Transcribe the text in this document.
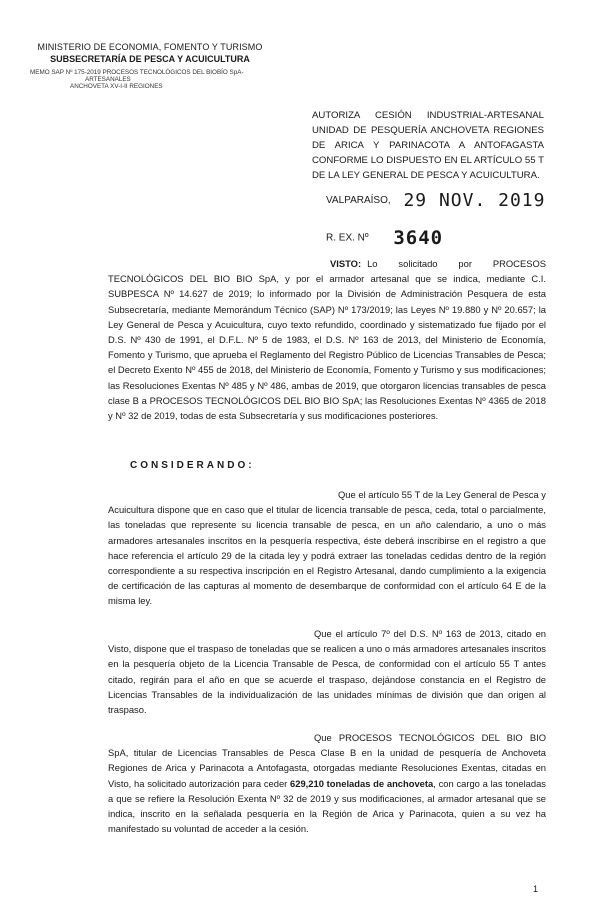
MINISTERIO DE ECONOMIA, FOMENTO Y TURISMO
SUBSECRETARÍA DE PESCA Y ACUICULTURA
MEMO SAP Nº 175-2019 PROCESOS TECNOLÓGICOS DEL BIOBÍO SpA-
ARTESANALES
ANCHOVETA XV-I-II REGIONES
AUTORIZA CESIÓN INDUSTRIAL-ARTESANAL UNIDAD DE PESQUERÍA ANCHOVETA REGIONES DE ARICA Y PARINACOTA A ANTOFAGASTA CONFORME LO DISPUESTO EN EL ARTÍCULO 55 T DE LA LEY GENERAL DE PESCA Y ACUICULTURA.
VALPARAÍSO, 29 NOV. 2019
R. EX. Nº 3640
VISTO: Lo solicitado por PROCESOS TECNOLÓGICOS DEL BIO BIO SpA, y por el armador artesanal que se indica, mediante C.I. SUBPESCA Nº 14.627 de 2019; lo informado por la División de Administración Pesquera de esta Subsecretaría, mediante Memorándum Técnico (SAP) Nº 173/2019; las Leyes Nº 19.880 y Nº 20.657; la Ley General de Pesca y Acuicultura, cuyo texto refundido, coordinado y sistematizado fue fijado por el D.S. Nº 430 de 1991, el D.F.L. Nº 5 de 1983, el D.S. Nº 163 de 2013, del Ministerio de Economía, Fomento y Turismo, que aprueba el Reglamento del Registro Público de Licencias Transables de Pesca; el Decreto Exento Nº 455 de 2018, del Ministerio de Economía, Fomento y Turismo y sus modificaciones; las Resoluciones Exentas Nº 485 y Nº 486, ambas de 2019, que otorgaron licencias transables de pesca clase B a PROCESOS TECNOLÓGICOS DEL BIO BIO SpA; las Resoluciones Exentas Nº 4365 de 2018 y Nº 32 de 2019, todas de esta Subsecretaría y sus modificaciones posteriores.
CONSIDERANDO:
Que el artículo 55 T de la Ley General de Pesca y Acuicultura dispone que en caso que el titular de licencia transable de pesca, ceda, total o parcialmente, las toneladas que represente su licencia transable de pesca, en un año calendario, a uno o más armadores artesanales inscritos en la pesquería respectiva, éste deberá inscribirse en el registro a que hace referencia el artículo 29 de la citada ley y podrá extraer las toneladas cedidas dentro de la región correspondiente a su respectiva inscripción en el Registro Artesanal, dando cumplimiento a la exigencia de certificación de las capturas al momento de desembarque de conformidad con el artículo 64 E de la misma ley.
Que el artículo 7º del D.S. Nº 163 de 2013, citado en Visto, dispone que el traspaso de toneladas que se realicen a uno o más armadores artesanales inscritos en la pesquería objeto de la Licencia Transable de Pesca, de conformidad con el artículo 55 T antes citado, regirán para el año en que se acuerde el traspaso, dejándose constancia en el Registro de Licencias Transables de la individualización de las unidades mínimas de división que dan origen al traspaso.
Que PROCESOS TECNOLÓGICOS DEL BIO BIO SpA, titular de Licencias Transables de Pesca Clase B en la unidad de pesquería de Anchoveta Regiones de Arica y Parinacota a Antofagasta, otorgadas mediante Resoluciones Exentas, citadas en Visto, ha solicitado autorización para ceder 629,210 toneladas de anchoveta, con cargo a las toneladas a que se refiere la Resolución Exenta Nº 32 de 2019 y sus modificaciones, al armador artesanal que se indica, inscrito en la señalada pesquería en la Región de Arica y Parinacota, quien a su vez ha manifestado su voluntad de acceder a la cesión.
1
